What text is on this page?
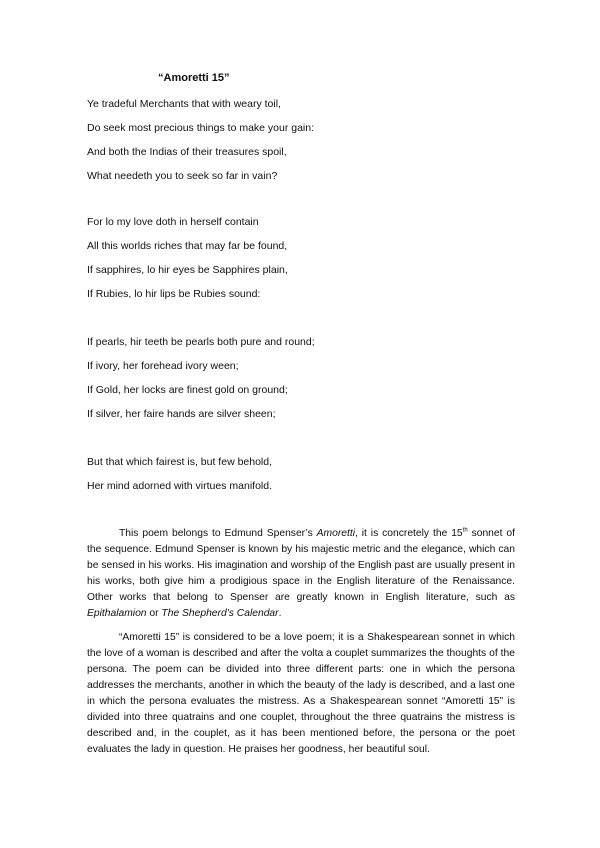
“Amoretti 15”
Ye tradeful Merchants that with weary toil,
Do seek most precious things to make your gain:
And both the Indias of their treasures spoil,
What needeth you to seek so far in vain?
For lo my love doth in herself contain
All this worlds riches that may far be found,
If sapphires, lo hir eyes be Sapphires plain,
If Rubies, lo hir lips be Rubies sound:
If pearls, hir teeth be pearls both pure and round;
If ivory, her forehead ivory ween;
If Gold, her locks are finest gold on ground;
If silver, her faire hands are silver sheen;
But that which fairest is, but few behold,
Her mind adorned with virtues manifold.

This poem belongs to Edmund Spenser’s Amoretti, it is concretely the 15th sonnet of the sequence. Edmund Spenser is known by his majestic metric and the elegance, which can be sensed in his works. His imagination and worship of the English past are usually present in his works, both give him a prodigious space in the English literature of the Renaissance. Other works that belong to Spenser are greatly known in English literature, such as Epithalamion or The Shepherd’s Calendar.

“Amoretti 15” is considered to be a love poem; it is a Shakespearean sonnet in which the love of a woman is described and after the volta a couplet summarizes the thoughts of the persona. The poem can be divided into three different parts: one in which the persona addresses the merchants, another in which the beauty of the lady is described, and a last one in which the persona evaluates the mistress. As a Shakespearean sonnet “Amoretti 15” is divided into three quatrains and one couplet, throughout the three quatrains the mistress is described and, in the couplet, as it has been mentioned before, the persona or the poet evaluates the lady in question. He praises her goodness, her beautiful soul.
